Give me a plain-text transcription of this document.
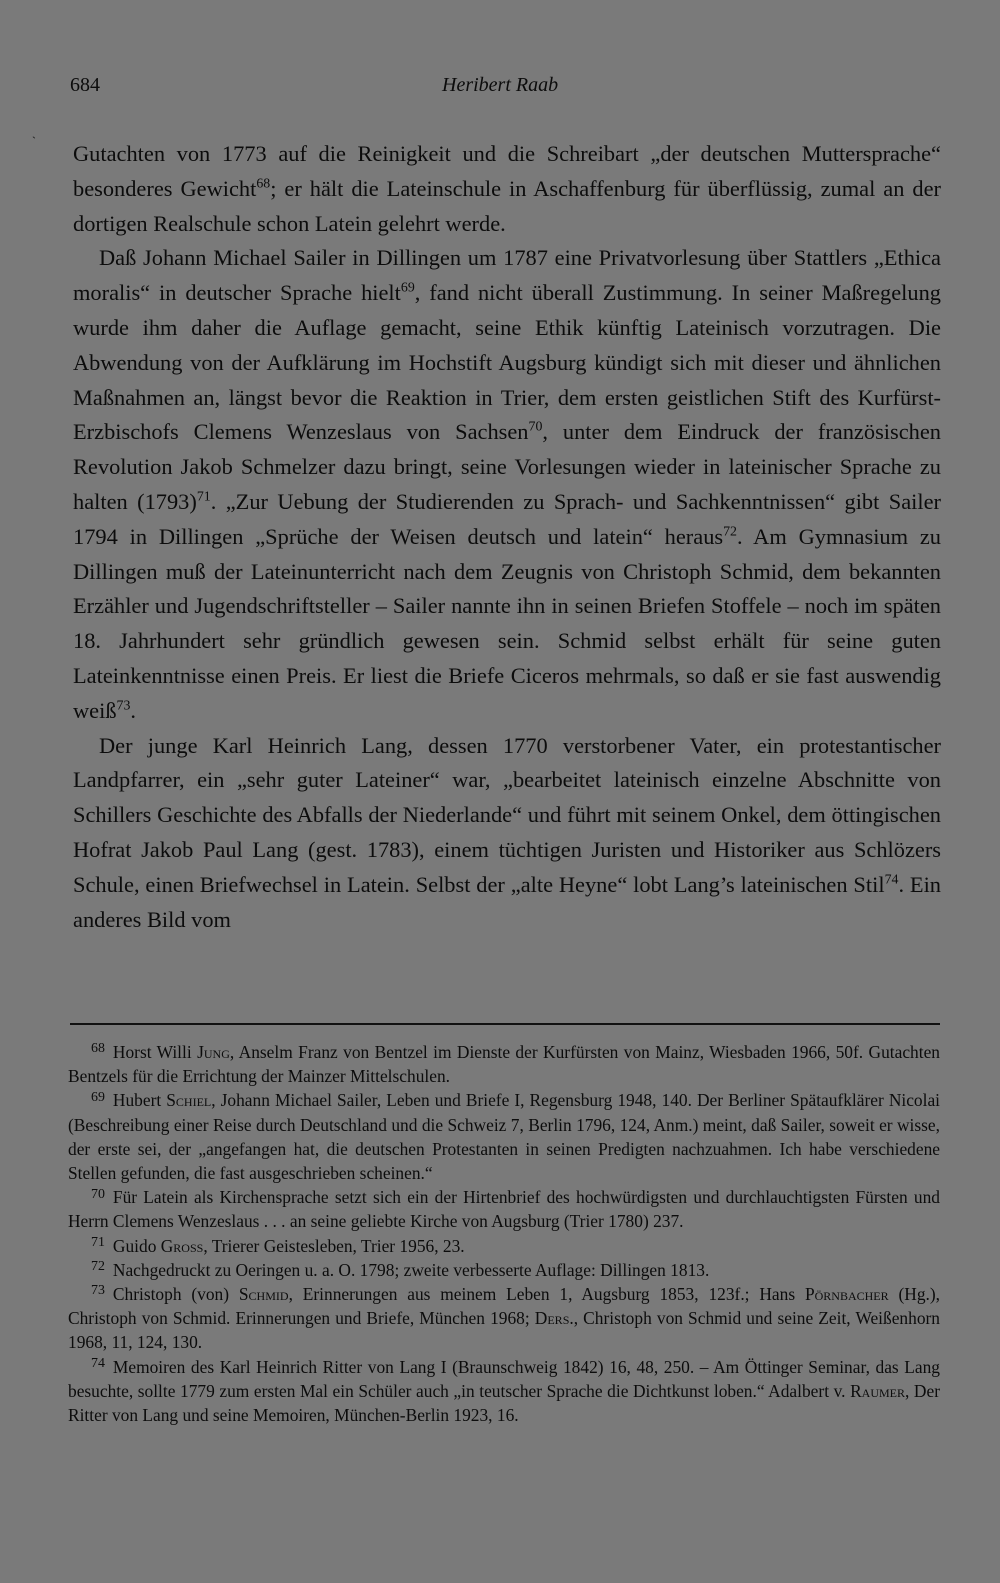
684	Heribert Raab
` Gutachten von 1773 auf die Reinigkeit und die Schreibart „der deutschen Muttersprache“ besonderes Gewicht$^{68}$; er hält die Lateinschule in Aschaffenburg für überflüssig, zumal an der dortigen Realschule schon Latein gelehrt werde.

Daß Johann Michael Sailer in Dillingen um 1787 eine Privatvorlesung über Stattlers „Ethica moralis“ in deutscher Sprache hielt$^{69}$, fand nicht überall Zustimmung. In seiner Maßregelung wurde ihm daher die Auflage gemacht, seine Ethik künftig Lateinisch vorzutragen. Die Abwendung von der Aufklärung im Hochstift Augsburg kündigt sich mit dieser und ähnlichen Maßnahmen an, längst bevor die Reaktion in Trier, dem ersten geistlichen Stift des Kurfürst-Erzbischofs Clemens Wenzeslaus von Sachsen$^{70}$, unter dem Eindruck der französischen Revolution Jakob Schmelzer dazu bringt, seine Vorlesungen wieder in lateinischer Sprache zu halten $(1793)^{71}$. „Zur Uebung der Studierenden zu Sprach- und Sachkenntnissen“ gibt Sailer 1794 in Dillingen „Sprüche der Weisen deutsch und latein“ heraus$^{72}$. Am Gymnasium zu Dillingen muß der Lateinunterricht nach dem Zeugnis von Christoph Schmid, dem bekannten Erzähler und Jugendschriftsteller – Sailer nannte ihn in seinen Briefen Stoffele – noch im späten 18. Jahrhundert sehr gründlich gewesen sein. Schmid selbst erhält für seine guten Lateinkenntnisse einen Preis. Er liest die Briefe Ciceros mehrmals, so daß er sie fast auswendig weiß$^{73}$.

Der junge Karl Heinrich Lang, dessen 1770 verstorbener Vater, ein protestantischer Landpfarrer, ein „sehr guter Lateiner“ war, „bearbeitet lateinisch einzelne Abschnitte von Schillers Geschichte des Abfalls der Niederlande“ und führt mit seinem Onkel, dem öttingischen Hofrat Jakob Paul Lang (gest. 1783), einem tüchtigen Juristen und Historiker aus Schlözers Schule, einen Briefwechsel in Latein. Selbst der „alte Heyne“ lobt Lang’s lateinischen Stil$^{74}$. Ein anderes Bild vom

$^{68}$ Horst Willi Jung, Anselm Franz von Bentzel im Dienste der Kurfürsten von Mainz, Wiesbaden 1966, 50f. Gutachten Bentzels für die Errichtung der Mainzer Mittelschulen.

$^{69}$ Hubert Schiel, Johann Michael Sailer, Leben und Briefe I, Regensburg 1948, 140. Der Berliner Spätaufklärer Nicolai (Beschreibung einer Reise durch Deutschland und die Schweiz 7, Berlin 1796, 124, Anm.) meint, daß Sailer, soweit er wisse, der erste sei, der „angefangen hat, die deutschen Protestanten in seinen Predigten nachzuahmen. Ich habe verschiedene Stellen gefunden, die fast ausgeschrieben scheinen.“

$^{70}$ Für Latein als Kirchensprache setzt sich ein der Hirtenbrief des hochwürdigsten und durchlauchtigsten Fürsten und Herrn Clemens Wenzeslaus . . . an seine geliebte Kirche von Augsburg (Trier 1780) 237.

$^{71}$ Guido Gross, Trierer Geistesleben, Trier 1956, 23.

$^{72}$ Nachgedruckt zu Oeringen u. a. O. 1798; zweite verbesserte Auflage: Dillingen 1813.

$^{73}$ Christoph (von) Schmid, Erinnerungen aus meinem Leben 1, Augsburg 1853, 123f.; Hans Pörnbacher (Hg.), Christoph von Schmid. Erinnerungen und Briefe, München 1968; Ders., Christoph von Schmid und seine Zeit, Weißenhorn 1968, 11, 124, 130.

$^{74}$ Memoiren des Karl Heinrich Ritter von Lang I (Braunschweig 1842) 16, 48, 250. – Am Öttinger Seminar, das Lang besuchte, sollte 1779 zum ersten Mal ein Schüler auch „in teutscher Sprache die Dichtkunst loben.“ Adalbert v. Raumer, Der Ritter von Lang und seine Memoiren, München-Berlin 1923, 16.
